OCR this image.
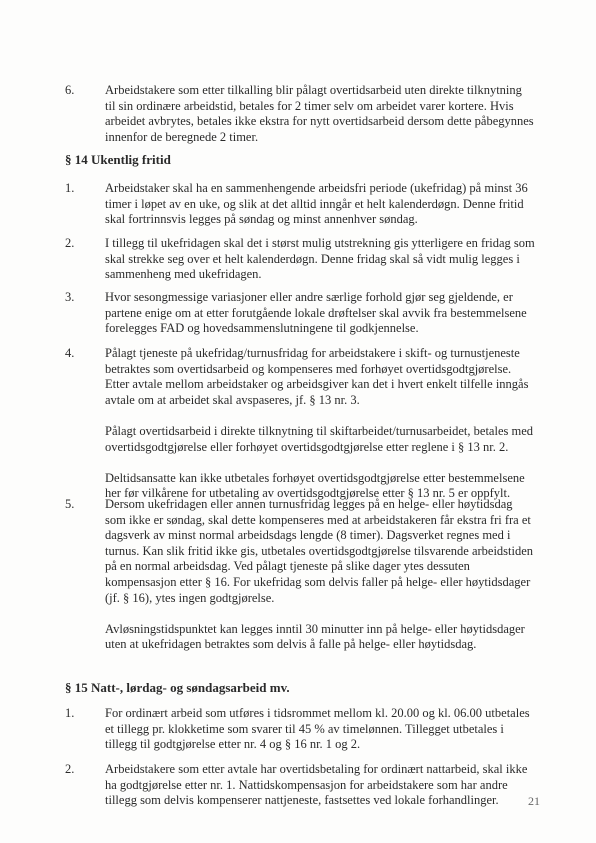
6. Arbeidstakere som etter tilkalling blir pålagt overtidsarbeid uten direkte tilknytning til sin ordinære arbeidstid, betales for 2 timer selv om arbeidet varer kortere. Hvis arbeidet avbrytes, betales ikke ekstra for nytt overtidsarbeid dersom dette påbegynnes innenfor de beregnede 2 timer.

§ 14 Ukentlig fritid
1. Arbeidstaker skal ha en sammenhengende arbeidsfri periode (ukefridag) på minst 36 timer i løpet av en uke, og slik at det alltid inngår et helt kalenderdøgn. Denne fritid skal fortrinnsvis legges på søndag og minst annenhver søndag.

2. I tillegg til ukefridagen skal det i størst mulig utstrekning gis ytterligere en fridag som skal strekke seg over et helt kalenderdøgn. Denne fridag skal så vidt mulig legges i sammenheng med ukefridagen.

3. Hvor sesongmessige variasjoner eller andre særlige forhold gjør seg gjeldende, er partene enige om at etter forutgående lokale drøftelser skal avvik fra bestemmelsene forelegges FAD og hovedsammenslutningene til godkjennelse.

4. Pålagt tjeneste på ukefridag/turnusfridag for arbeidstakere i skift- og turnustjeneste betraktes som overtidsarbeid og kompenseres med forhøyet overtidsgodtgjørelse. Etter avtale mellom arbeidstaker og arbeidsgiver kan det i hvert enkelt tilfelle inngås avtale om at arbeidet skal avspaseres, jf. § 13 nr. 3.

Pålagt overtidsarbeid i direkte tilknytning til skiftarbeidet/turnusarbeidet, betales med overtidsgodtgjørelse eller forhøyet overtidsgodtgjørelse etter reglene i § 13 nr. 2.

Deltidsansatte kan ikke utbetales forhøyet overtidsgodtgjørelse etter bestemmelsene her før vilkårene for utbetaling av overtidsgodtgjørelse etter § 13 nr. 5 er oppfylt.

5. Dersom ukefridagen eller annen turnusfridag legges på en helge- eller høytidsdag som ikke er søndag, skal dette kompenseres med at arbeidstakeren får ekstra fri fra et dagsverk av minst normal arbeidsdags lengde (8 timer). Dagsverket regnes med i turnus. Kan slik fritid ikke gis, utbetales overtidsgodtgjørelse tilsvarende arbeidstiden på en normal arbeidsdag. Ved pålagt tjeneste på slike dager ytes dessuten kompensasjon etter § 16. For ukefridag som delvis faller på helge- eller høytidsdager (jf. § 16), ytes ingen godtgjørelse.

Avløsningstidspunktet kan legges inntil 30 minutter inn på helge- eller høytidsdager uten at ukefridagen betraktes som delvis å falle på helge- eller høytidsdag.

§ 15 Natt-, lørdag- og søndagsarbeid mv.
1. For ordinært arbeid som utføres i tidsrommet mellom kl. 20.00 og kl. 06.00 utbetales et tillegg pr. klokketime som svarer til 45 % av timelønnen. Tillegget utbetales i tillegg til godtgjørelse etter nr. 4 og § 16 nr. 1 og 2.

2. Arbeidstakere som etter avtale har overtidsbetaling for ordinært nattarbeid, skal ikke ha godtgjørelse etter nr. 1. Nattidskompensasjon for arbeidstakere som har andre tillegg som delvis kompenserer nattjeneste, fastsettes ved lokale forhandlinger.	21
